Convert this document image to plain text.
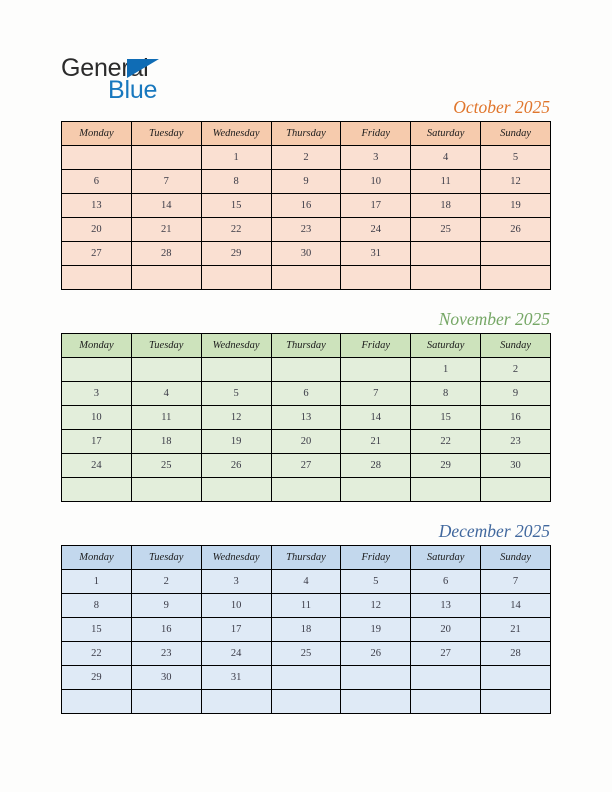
General
Blue
October 2025
Monday	Tuesday	Wednesday	Thursday	Friday	Saturday	Sunday
		1	2	3	4	5
6	7	8	9	10	11	12
13	14	15	16	17	18	19
20	21	22	23	24	25	26
27	28	29	30	31		

November 2025
Monday	Tuesday	Wednesday	Thursday	Friday	Saturday	Sunday
					1	2
3	4	5	6	7	8	9
10	11	12	13	14	15	16
17	18	19	20	21	22	23
24	25	26	27	28	29	30

December 2025
Monday	Tuesday	Wednesday	Thursday	Friday	Saturday	Sunday
1	2	3	4	5	6	7
8	9	10	11	12	13	14
15	16	17	18	19	20	21
22	23	24	25	26	27	28
29	30	31				
